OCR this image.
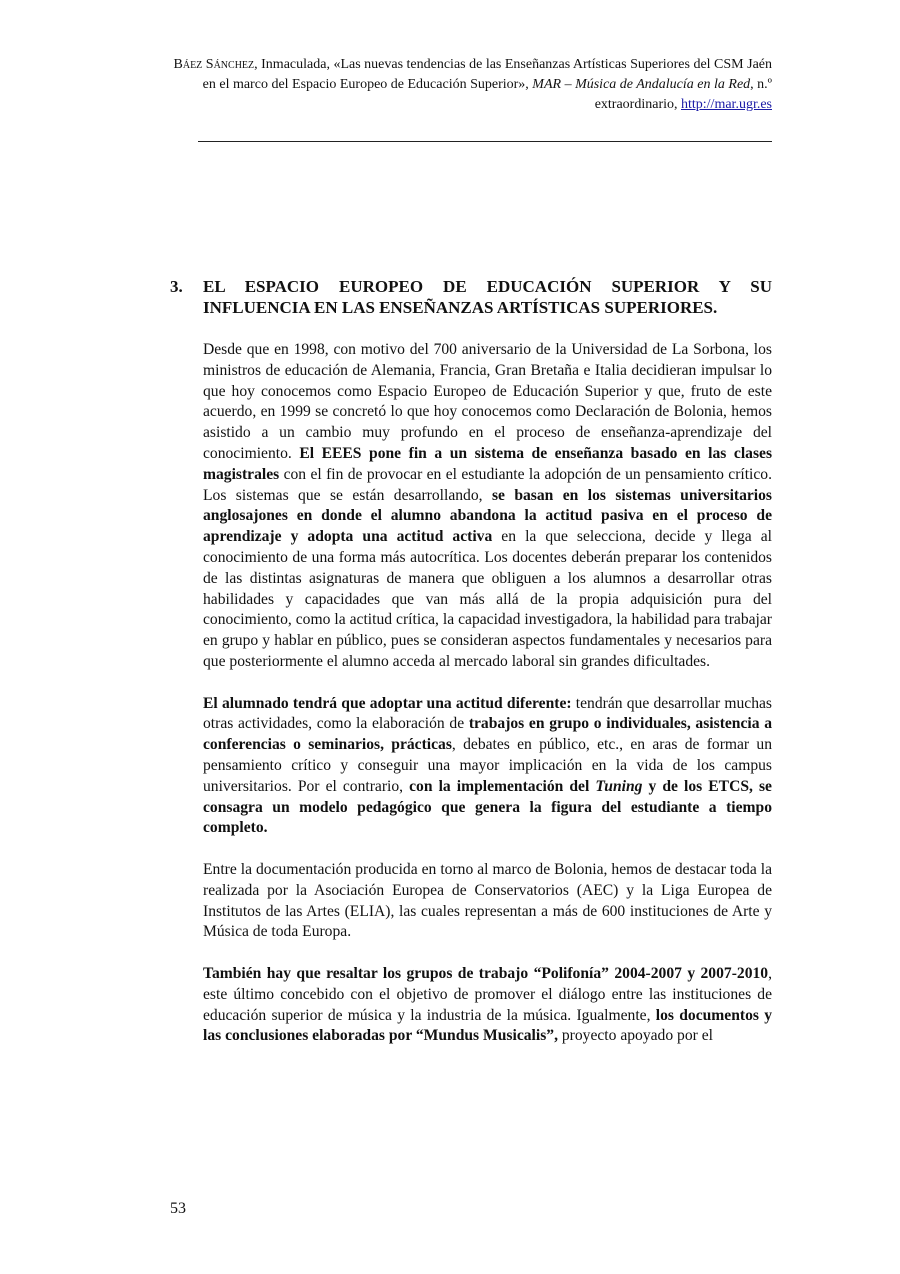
Báez Sánchez, Inmaculada, «Las nuevas tendencias de las Enseñanzas Artísticas Superiores del CSM Jaén en el marco del Espacio Europeo de Educación Superior», MAR – Música de Andalucía en la Red, n.º extraordinario, http://mar.ugr.es
3. EL ESPACIO EUROPEO DE EDUCACIÓN SUPERIOR Y SU INFLUENCIA EN LAS ENSEÑANZAS ARTÍSTICAS SUPERIORES.

Desde que en 1998, con motivo del 700 aniversario de la Universidad de La Sorbona, los ministros de educación de Alemania, Francia, Gran Bretaña e Italia decidieran impulsar lo que hoy conocemos como Espacio Europeo de Educación Superior y que, fruto de este acuerdo, en 1999 se concretó lo que hoy conocemos como Declaración de Bolonia, hemos asistido a un cambio muy profundo en el proceso de enseñanza-aprendizaje del conocimiento. El EEES pone fin a un sistema de enseñanza basado en las clases magistrales con el fin de provocar en el estudiante la adopción de un pensamiento crítico. Los sistemas que se están desarrollando, se basan en los sistemas universitarios anglosajones en donde el alumno abandona la actitud pasiva en el proceso de aprendizaje y adopta una actitud activa en la que selecciona, decide y llega al conocimiento de una forma más autocrítica. Los docentes deberán preparar los contenidos de las distintas asignaturas de manera que obliguen a los alumnos a desarrollar otras habilidades y capacidades que van más allá de la propia adquisición pura del conocimiento, como la actitud crítica, la capacidad investigadora, la habilidad para trabajar en grupo y hablar en público, pues se consideran aspectos fundamentales y necesarios para que posteriormente el alumno acceda al mercado laboral sin grandes dificultades.

El alumnado tendrá que adoptar una actitud diferente: tendrán que desarrollar muchas otras actividades, como la elaboración de trabajos en grupo o individuales, asistencia a conferencias o seminarios, prácticas, debates en público, etc., en aras de formar un pensamiento crítico y conseguir una mayor implicación en la vida de los campus universitarios. Por el contrario, con la implementación del Tuning y de los ETCS, se consagra un modelo pedagógico que genera la figura del estudiante a tiempo completo.

Entre la documentación producida en torno al marco de Bolonia, hemos de destacar toda la realizada por la Asociación Europea de Conservatorios (AEC) y la Liga Europea de Institutos de las Artes (ELIA), las cuales representan a más de 600 instituciones de Arte y Música de toda Europa.

También hay que resaltar los grupos de trabajo “Polifonía” 2004-2007 y 2007-2010, este último concebido con el objetivo de promover el diálogo entre las instituciones de educación superior de música y la industria de la música. Igualmente, los documentos y las conclusiones elaboradas por “Mundus Musicalis”, proyecto apoyado por el

53
